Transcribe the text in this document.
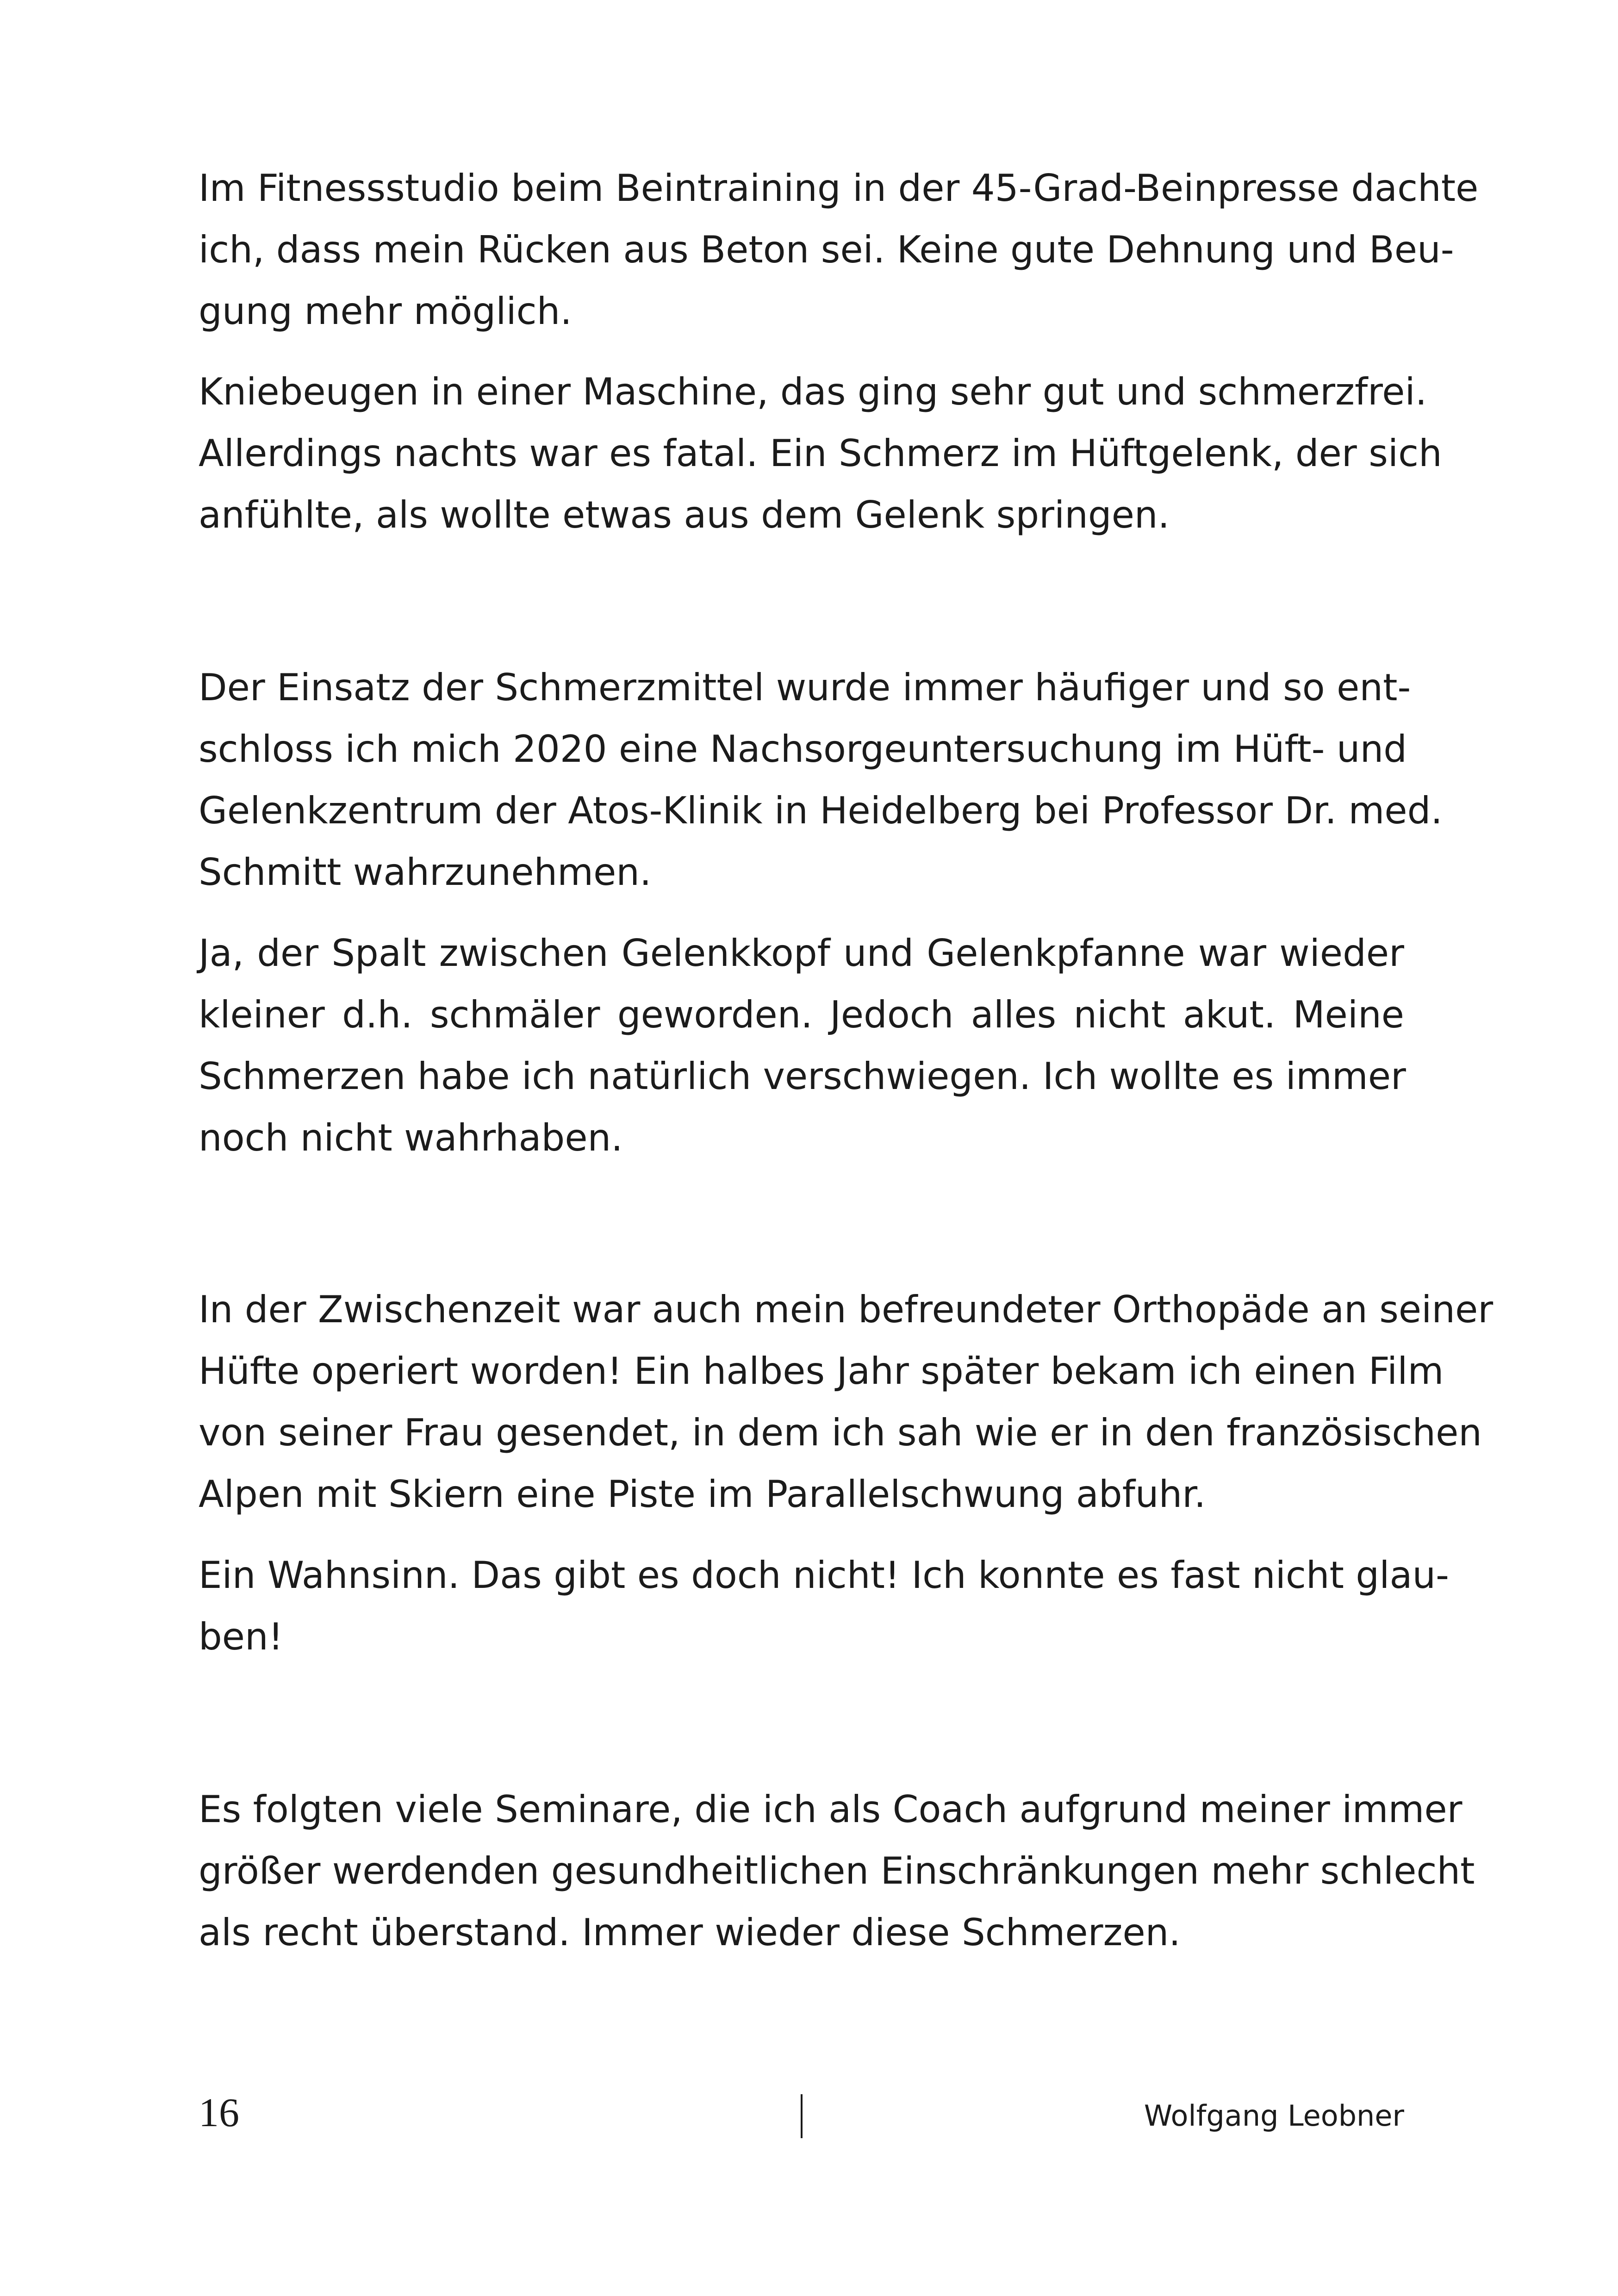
Im Fitnessstudio beim Beintraining in der 45-Grad-Beinpresse dachte
ich, dass mein Rücken aus Beton sei. Keine gute Dehnung und Beu-
gung mehr möglich.
Kniebeugen in einer Maschine, das ging sehr gut und schmerzfrei.
Allerdings nachts war es fatal. Ein Schmerz im Hüftgelenk, der sich
anfühlte, als wollte etwas aus dem Gelenk springen.
Der Einsatz der Schmerzmittel wurde immer häufiger und so ent-
schloss ich mich 2020 eine Nachsorgeuntersuchung im Hüft- und
Gelenkzentrum der Atos-Klinik in Heidelberg bei Professor Dr. med.
Schmitt wahrzunehmen.
Ja, der Spalt zwischen Gelenkkopf und Gelenkpfanne war wieder
kleiner d.h. schmäler geworden. Jedoch alles nicht akut. Meine
Schmerzen habe ich natürlich verschwiegen. Ich wollte es immer
noch nicht wahrhaben.
In der Zwischenzeit war auch mein befreundeter Orthopäde an seiner
Hüfte operiert worden! Ein halbes Jahr später bekam ich einen Film
von seiner Frau gesendet, in dem ich sah wie er in den französischen
Alpen mit Skiern eine Piste im Parallelschwung abfuhr.
Ein Wahnsinn. Das gibt es doch nicht! Ich konnte es fast nicht glau-
ben!
Es folgten viele Seminare, die ich als Coach aufgrund meiner immer
größer werdenden gesundheitlichen Einschränkungen mehr schlecht
als recht überstand. Immer wieder diese Schmerzen.
16	Wolfgang Leobner
